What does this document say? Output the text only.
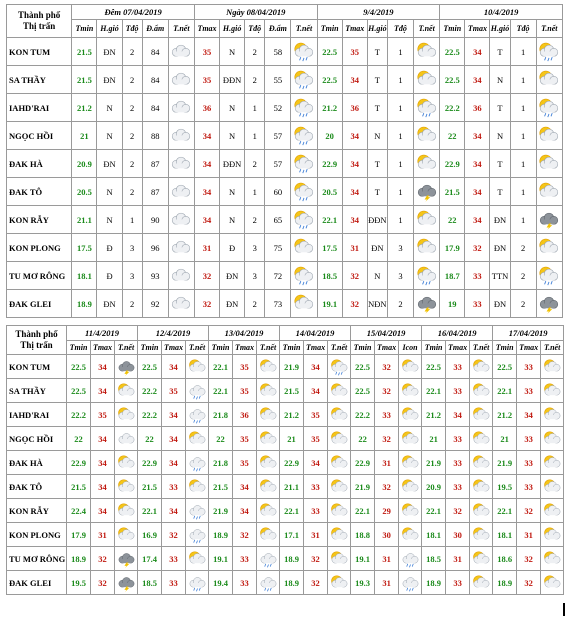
Thành phố
Thị trấn	Đêm 07/04/2019					Ngày 08/04/2019					9/4/2019					10/4/2019				
	Tmin	H.gió	Tđộ	Đ.ẩm	T.nết	Tmax	H.gió	Tđộ	Đ.ẩm	T.nết	Tmin	Tmax	H.gió	Tđộ	T.nết	Tmin	Tmax	H.gió	Tđộ	T.nết
KON TUM	21.5	ĐN	2	84		35	N	2	58		22.5	35	T	1		22.5	34	T	1	

SA THẦY	21.5	ĐN	2	84		35	ĐĐN	2	55		22.5	34	T	1		22.5	34	N	1	

IAHD'RAI	21.2	N	2	84		36	N	1	52		21.2	36	T	1		22.2	36	T	1	

NGỌC HỒI	21	N	2	88		34	N	1	57		20	34	N	1		22	34	N	1	

ĐAK HÀ	20.9	ĐN	2	87		34	ĐĐN	2	57		22.9	34	T	1		22.9	34	T	1	

ĐAK TÔ	20.5	N	2	87		34	N	1	60		20.5	34	T	1		21.5	34	T	1	

KON RẪY	21.1	N	1	90		34	N	2	65		22.1	34	ĐĐN	1		22	34	ĐN	1	

KON PLONG	17.5	Đ	3	96		31	Đ	3	75		17.5	31	ĐN	3		17.9	32	ĐN	2	

TU MƠ RÔNG	18.1	Đ	3	93		32	ĐN	3	72		18.5	32	N	3		18.7	33	TTN	2	

ĐAK GLEI	18.9	ĐN	2	92		32	ĐN	2	73		19.1	32	NĐN	2		19	33	ĐN	2	
Thành phố
Thị trấn	11/4/2019			12/4/2019			13/04/2019			14/04/2019			15/04/2019			16/04/2019			17/04/2019		
	Tmin	Tmax	T.nết	Tmin	Tmax	T.nết	Tmin	Tmax	T.nết	Tmin	Tmax	T.nết	Tmin	Tmax	Icon	Tmin	Tmax	T.nết	Tmin	Tmax	T.nết
KON TUM	22.5	34		22.5	34		22.1	35		21.9	34		22.5	32		22.5	33		22.5	33	

SA THẦY	22.5	34		22.2	35		22.1	35		21.5	34		22.5	32		22.1	33		22.1	33	

IAHD'RAI	22.2	35		22.2	34		21.8	36		21.2	35		22.2	33		21.2	34		21.2	34	

NGỌC HỒI	22	34		22	34		22	35		21	35		22	32		21	33		21	33	

ĐAK HÀ	22.9	34		22.9	34		21.8	35		22.9	34		22.9	31		21.9	33		21.9	33	

ĐAK TÔ	21.5	34		21.5	33		21.5	34		21.1	33		21.9	32		20.9	33		19.5	33	

KON RẪY	22.4	34		22.1	34		21.9	34		22.1	33		22.1	29		22.1	32		22.1	32	

KON PLONG	17.9	31		16.9	32		18.9	32		17.1	31		18.8	30		18.1	30		18.1	31	

TU MƠ RÔNG	18.9	32		17.4	33		19.1	33		18.9	32		19.1	31		18.5	31		18.6	32	

ĐAK GLEI	19.5	32		18.5	33		19.4	33		18.9	32		19.3	31		18.9	33		18.9	32	
